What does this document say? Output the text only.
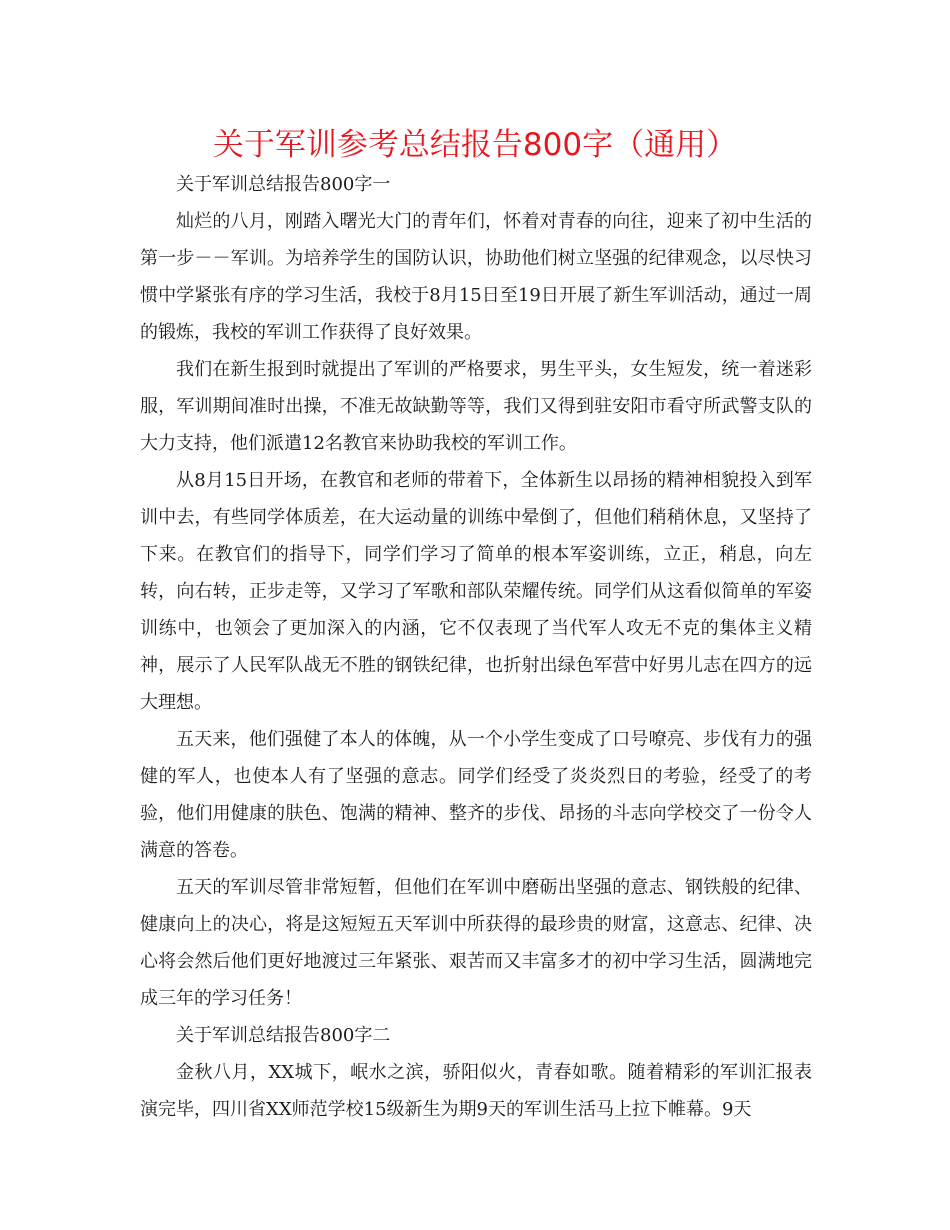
关于军训参考总结报告800字（通用）

关于军训总结报告800字一

灿烂的八月，刚踏入曙光大门的青年们，怀着对青春的向往，迎来了初中生活的第一步－－军训。为培养学生的国防认识，协助他们树立坚强的纪律观念，以尽快习惯中学紧张有序的学习生活，我校于8月15日至19日开展了新生军训活动，通过一周的锻炼，我校的军训工作获得了良好效果。

我们在新生报到时就提出了军训的严格要求，男生平头，女生短发，统一着迷彩服，军训期间准时出操，不准无故缺勤等等，我们又得到驻安阳市看守所武警支队的大力支持，他们派遣12名教官来协助我校的军训工作。

从8月15日开场，在教官和老师的带着下，全体新生以昂扬的精神相貌投入到军训中去，有些同学体质差，在大运动量的训练中晕倒了，但他们稍稍休息，又坚持了下来。在教官们的指导下，同学们学习了简单的根本军姿训练，立正，稍息，向左转，向右转，正步走等，又学习了军歌和部队荣耀传统。同学们从这看似简单的军姿训练中，也领会了更加深入的内涵，它不仅表现了当代军人攻无不克的集体主义精神，展示了人民军队战无不胜的钢铁纪律，也折射出绿色军营中好男儿志在四方的远大理想。

五天来，他们强健了本人的体魄，从一个小学生变成了口号嘹亮、步伐有力的强健的军人，也使本人有了坚强的意志。同学们经受了炎炎烈日的考验，经受了的考验，他们用健康的肤色、饱满的精神、整齐的步伐、昂扬的斗志向学校交了一份令人满意的答卷。

五天的军训尽管非常短暂，但他们在军训中磨砺出坚强的意志、钢铁般的纪律、健康向上的决心，将是这短短五天军训中所获得的最珍贵的财富，这意志、纪律、决心将会然后他们更好地渡过三年紧张、艰苦而又丰富多才的初中学习生活，圆满地完成三年的学习任务！

关于军训总结报告800字二

金秋八月，XX城下，岷水之滨，骄阳似火，青春如歌。随着精彩的军训汇报表演完毕，四川省XX师范学校15级新生为期9天的军训生活马上拉下帷幕。9天
